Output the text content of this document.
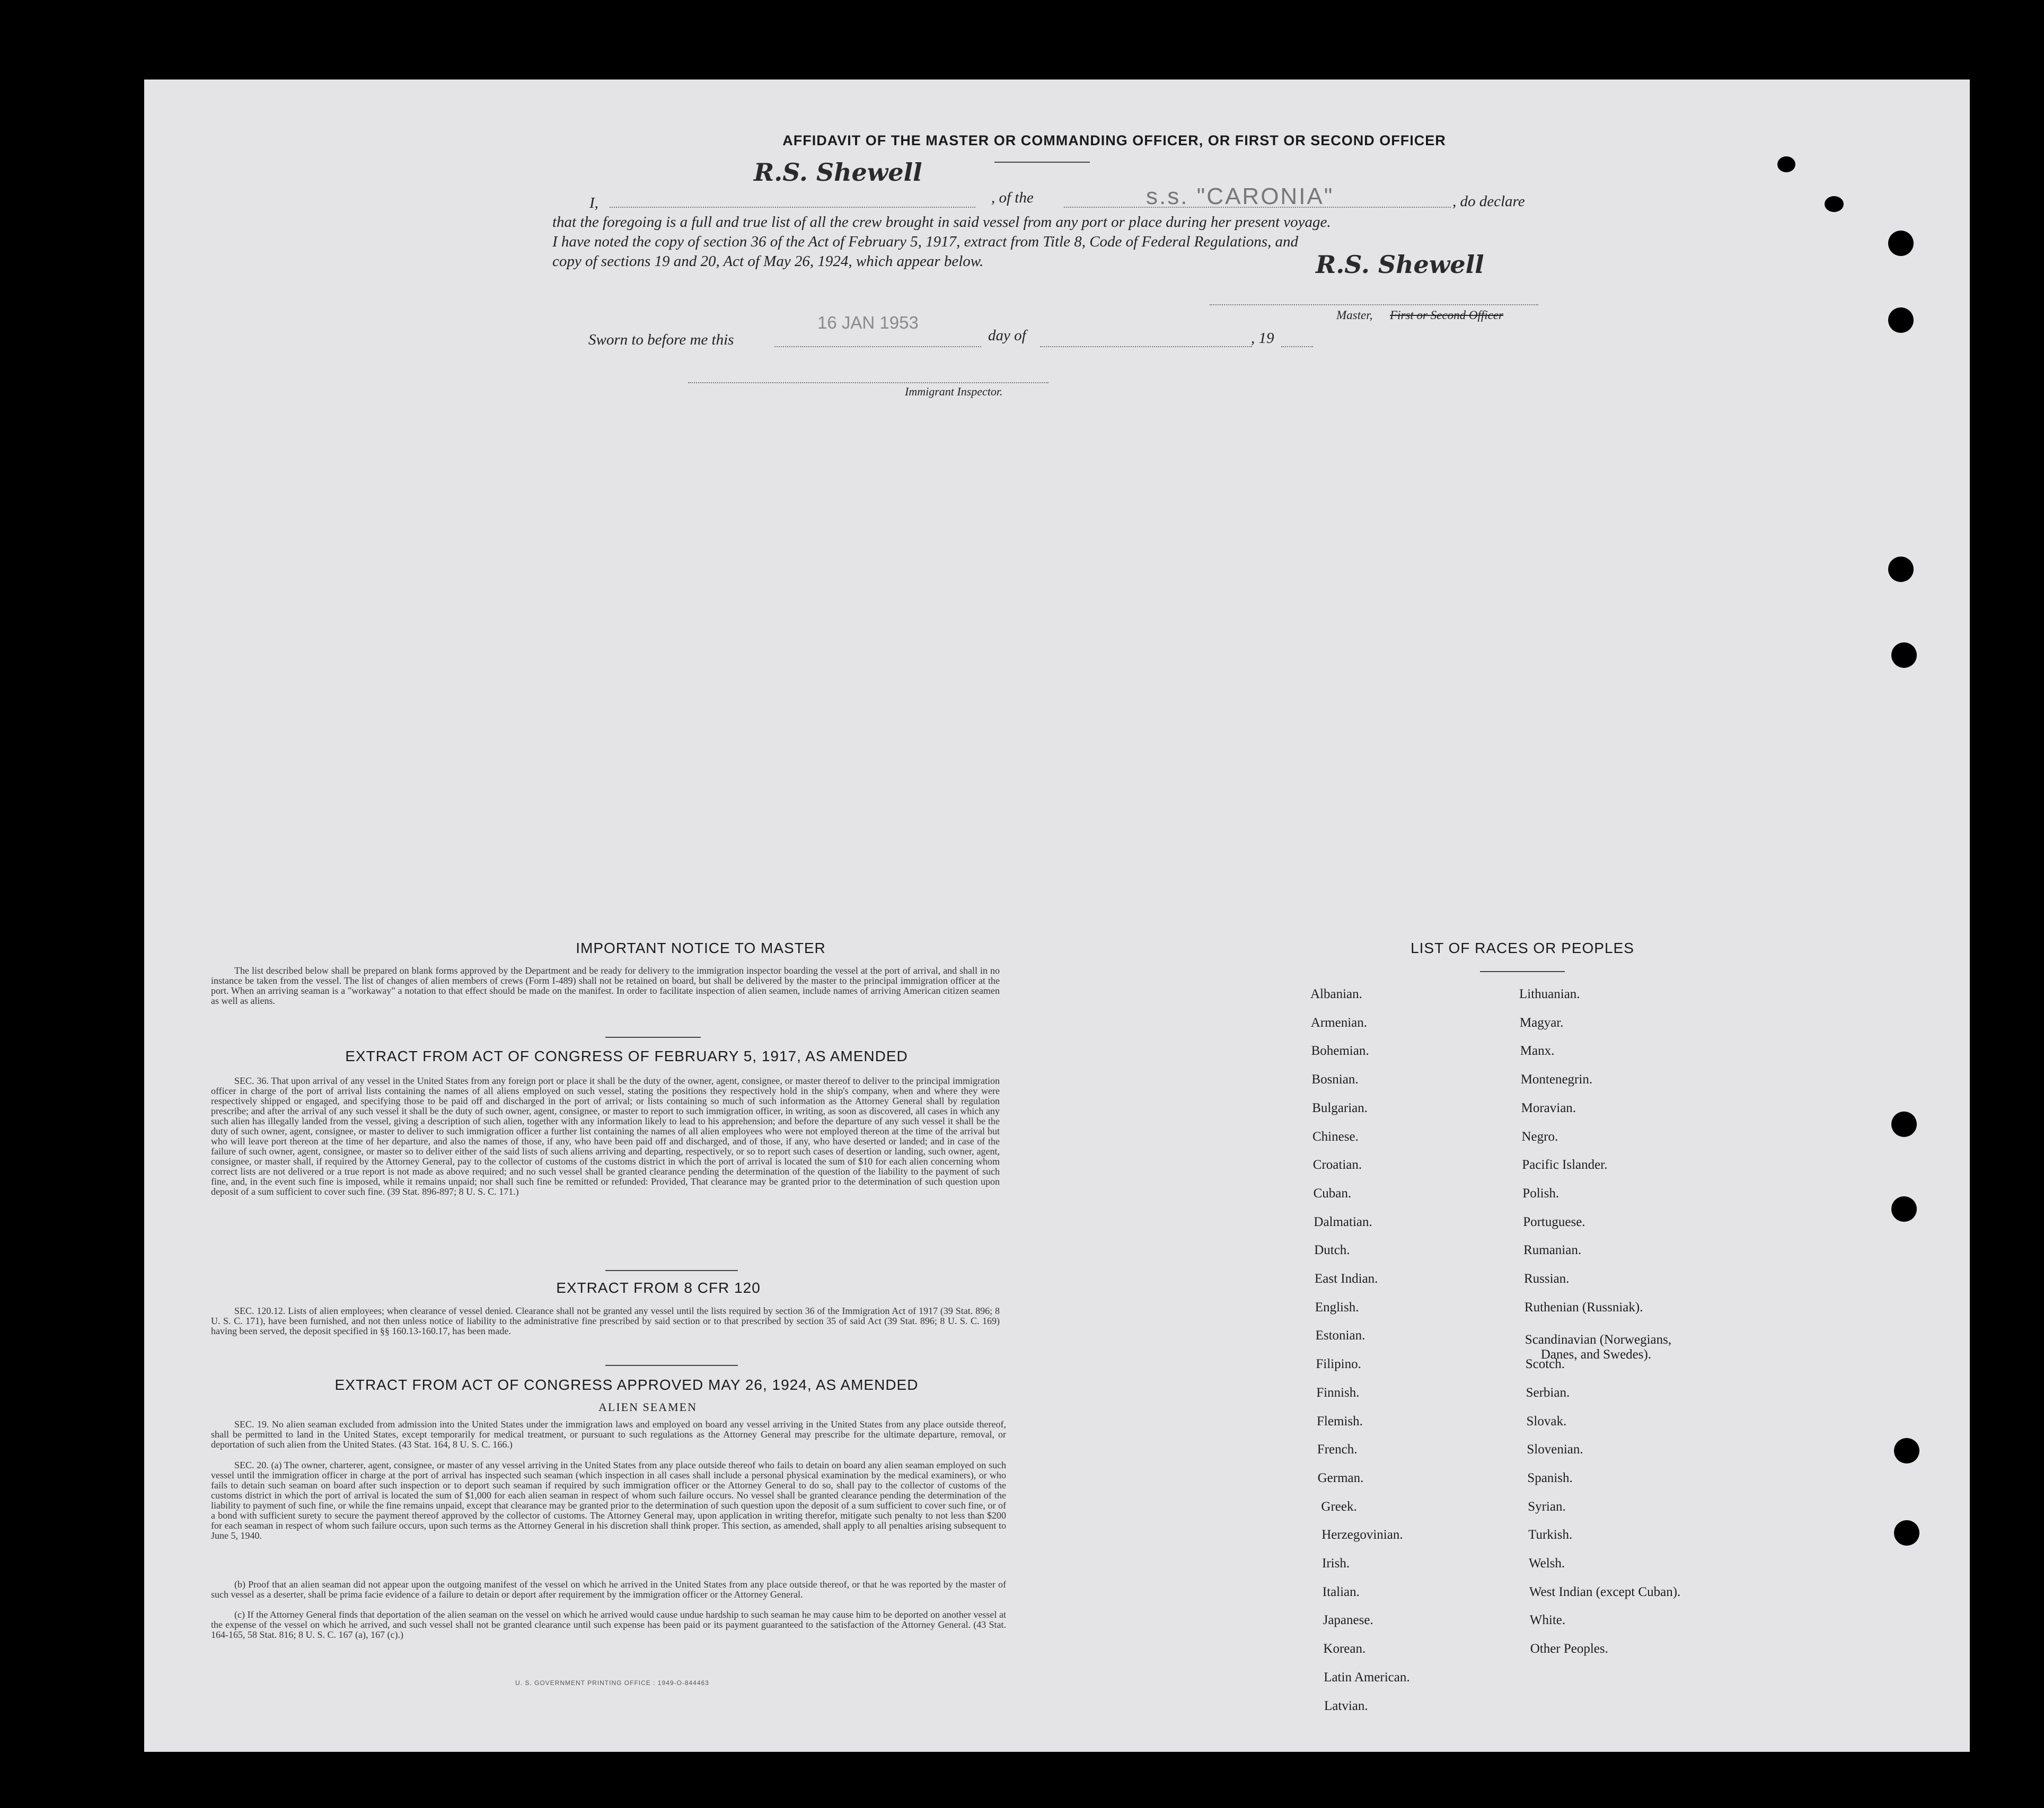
AFFIDAVIT OF THE MASTER OR COMMANDING OFFICER, OR FIRST OR SECOND OFFICER
I,
R.S. Shewell
, of the	s.s. "CARONIA"	, do declare
that the foregoing is a full and true list of all the crew brought in said vessel from any port or place during her present voyage.
I have noted the copy of section 36 of the Act of February 5, 1917, extract from Title 8, Code of Federal Regulations, and
copy of sections 19 and 20, Act of May 26, 1924, which appear below.	R.S. Shewell
Master, First or Second Officer
Sworn to before me this
16 JAN 1953
day of	, 19
Immigrant Inspector.
IMPORTANT NOTICE TO MASTER
The list described below shall be prepared on blank forms approved by the Department and be ready for delivery to the immigration inspector boarding the vessel at the port of arrival, and shall in no instance be taken from the vessel. The list of changes of alien members of crews (Form I-489) shall not be retained on board, but shall be delivered by the master to the principal immigration officer at the port. When an arriving seaman is a "workaway" a notation to that effect should be made on the manifest. In order to facilitate inspection of alien seamen, include names of arriving American citizen seamen as well as aliens.
EXTRACT FROM ACT OF CONGRESS OF FEBRUARY 5, 1917, AS AMENDED
SEC. 36. That upon arrival of any vessel in the United States from any foreign port or place it shall be the duty of the owner, agent, consignee, or master thereof to deliver to the principal immigration officer in charge of the port of arrival lists containing the names of all aliens employed on such vessel, stating the positions they respectively hold in the ship's company, when and where they were respectively shipped or engaged, and specifying those to be paid off and discharged in the port of arrival; or lists containing so much of such information as the Attorney General shall by regulation prescribe; and after the arrival of any such vessel it shall be the duty of such owner, agent, consignee, or master to report to such immigration officer, in writing, as soon as discovered, all cases in which any such alien has illegally landed from the vessel, giving a description of such alien, together with any information likely to lead to his apprehension; and before the departure of any such vessel it shall be the duty of such owner, agent, consignee, or master to deliver to such immigration officer a further list containing the names of all alien employees who were not employed thereon at the time of the arrival but who will leave port thereon at the time of her departure, and also the names of those, if any, who have been paid off and discharged, and of those, if any, who have deserted or landed; and in case of the failure of such owner, agent, consignee, or master so to deliver either of the said lists of such aliens arriving and departing, respectively, or so to report such cases of desertion or landing, such owner, agent, consignee, or master shall, if required by the Attorney General, pay to the collector of customs of the customs district in which the port of arrival is located the sum of $10 for each alien concerning whom correct lists are not delivered or a true report is not made as above required; and no such vessel shall be granted clearance pending the determination of the question of the liability to the payment of such fine, and, in the event such fine is imposed, while it remains unpaid; nor shall such fine be remitted or refunded: Provided, That clearance may be granted prior to the determination of such question upon deposit of a sum sufficient to cover such fine. (39 Stat. 896-897; 8 U. S. C. 171.)
EXTRACT FROM 8 CFR 120
SEC. 120.12. Lists of alien employees; when clearance of vessel denied. Clearance shall not be granted any vessel until the lists required by section 36 of the Immigration Act of 1917 (39 Stat. 896; 8 U. S. C. 171), have been furnished, and not then unless notice of liability to the administrative fine prescribed by said section or to that prescribed by section 35 of said Act (39 Stat. 896; 8 U. S. C. 169) having been served, the deposit specified in §§ 160.13-160.17, has been made.
EXTRACT FROM ACT OF CONGRESS APPROVED MAY 26, 1924, AS AMENDED
ALIEN SEAMEN
SEC. 19. No alien seaman excluded from admission into the United States under the immigration laws and employed on board any vessel arriving in the United States from any place outside thereof, shall be permitted to land in the United States, except temporarily for medical treatment, or pursuant to such regulations as the Attorney General may prescribe for the ultimate departure, removal, or deportation of such alien from the United States. (43 Stat. 164, 8 U. S. C. 166.)
SEC. 20. (a) The owner, charterer, agent, consignee, or master of any vessel arriving in the United States from any place outside thereof who fails to detain on board any alien seaman employed on such vessel until the immigration officer in charge at the port of arrival has inspected such seaman (which inspection in all cases shall include a personal physical examination by the medical examiners), or who fails to detain such seaman on board after such inspection or to deport such seaman if required by such immigration officer or the Attorney General to do so, shall pay to the collector of customs of the customs district in which the port of arrival is located the sum of $1,000 for each alien seaman in respect of whom such failure occurs. No vessel shall be granted clearance pending the determination of the liability to payment of such fine, or while the fine remains unpaid, except that clearance may be granted prior to the determination of such question upon the deposit of a sum sufficient to cover such fine, or of a bond with sufficient surety to secure the payment thereof approved by the collector of customs. The Attorney General may, upon application in writing therefor, mitigate such penalty to not less than $200 for each seaman in respect of whom such failure occurs, upon such terms as the Attorney General in his discretion shall think proper. This section, as amended, shall apply to all penalties arising subsequent to June 5, 1940.
(b) Proof that an alien seaman did not appear upon the outgoing manifest of the vessel on which he arrived in the United States from any place outside thereof, or that he was reported by the master of such vessel as a deserter, shall be prima facie evidence of a failure to detain or deport after requirement by the immigration officer or the Attorney General.
(c) If the Attorney General finds that deportation of the alien seaman on the vessel on which he arrived would cause undue hardship to such seaman he may cause him to be deported on another vessel at the expense of the vessel on which he arrived, and such vessel shall not be granted clearance until such expense has been paid or its payment guaranteed to the satisfaction of the Attorney General. (43 Stat. 164-165, 58 Stat. 816; 8 U. S. C. 167 (a), 167 (c).)
U. S. GOVERNMENT PRINTING OFFICE : 1949-O-844463
LIST OF RACES OR PEOPLES
Albanian.
Armenian.
Bohemian.
Bosnian.
Bulgarian.
Chinese.
Croatian.
Cuban.
Dalmatian.
Dutch.
East Indian.
English.
Estonian.
Filipino.
Finnish.
Flemish.
French.
German.
Greek.
Herzegovinian.
Irish.
Italian.
Japanese.
Korean.
Latin American.
Latvian.
Lithuanian.
Magyar.
Manx.
Montenegrin.
Moravian.
Negro.
Pacific Islander.
Polish.
Portuguese.
Rumanian.
Russian.
Ruthenian (Russniak).
Scandinavian (Norwegians,
Danes, and Swedes).
Scotch.
Serbian.
Slovak.
Slovenian.
Spanish.
Syrian.
Turkish.
Welsh.
West Indian (except Cuban).
White.
Other Peoples.
